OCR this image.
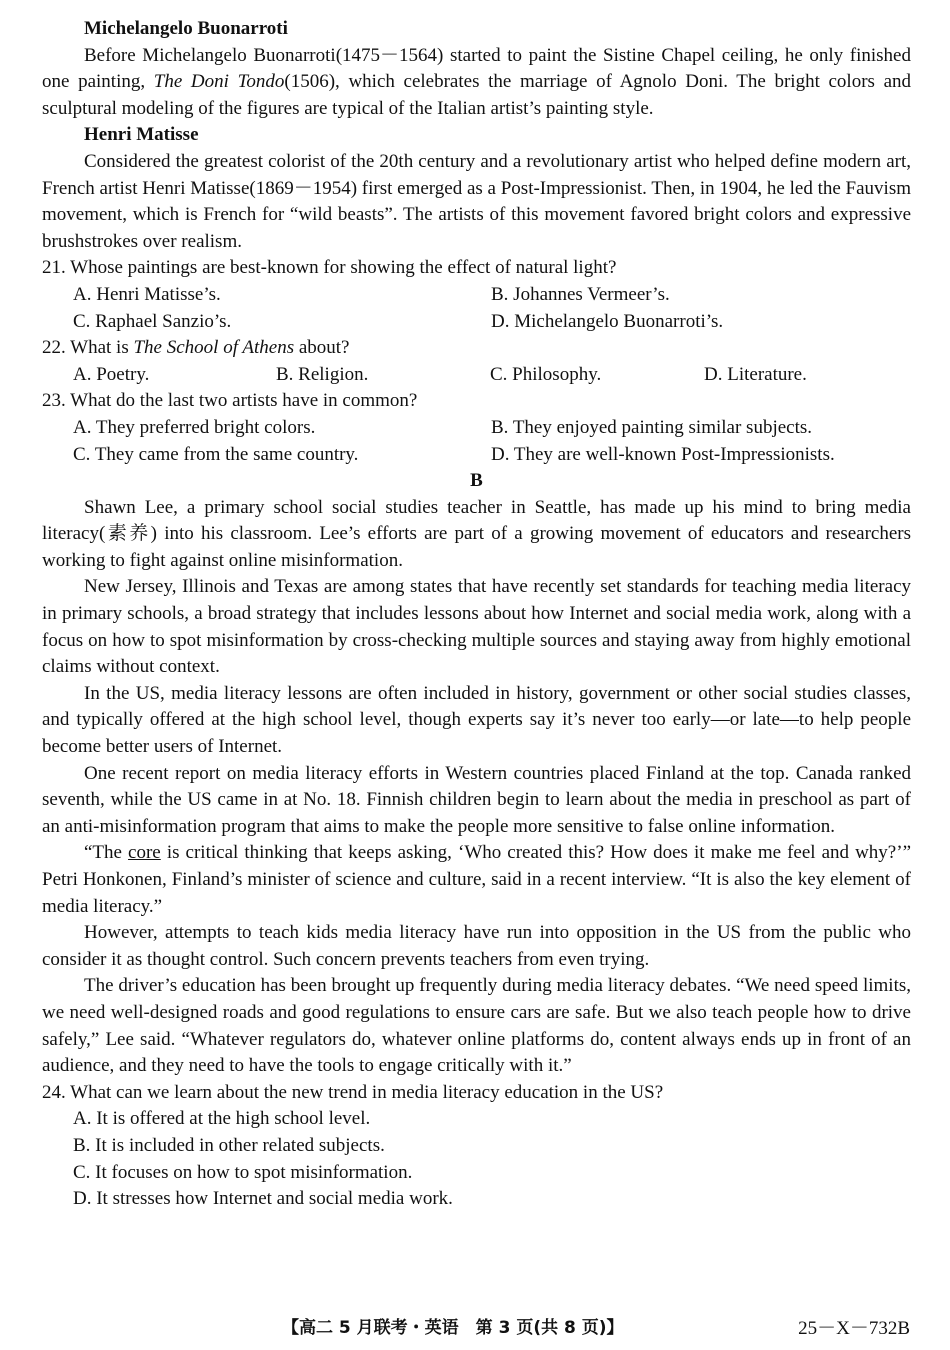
Michelangelo Buonarroti

Before Michelangelo Buonarroti(1475－1564) started to paint the Sistine Chapel ceiling, he only finished one painting, The Doni Tondo(1506), which celebrates the marriage of Agnolo Doni. The bright colors and sculptural modeling of the figures are typical of the Italian artist’s painting style.

Henri Matisse

Considered the greatest colorist of the 20th century and a revolutionary artist who helped define modern art, French artist Henri Matisse(1869－1954) first emerged as a Post-Impressionist. Then, in 1904, he led the Fauvism movement, which is French for “wild beasts”. The artists of this movement favored bright colors and expressive brushstrokes over realism.

21. Whose paintings are best-known for showing the effect of natural light?

A. Henri Matisse’s.	B. Johannes Vermeer’s.
C. Raphael Sanzio’s.	D. Michelangelo Buonarroti’s.

22. What is The School of Athens about?

A. Poetry.	B. Religion.	C. Philosophy.	D. Literature.

23. What do the last two artists have in common?

A. They preferred bright colors.	B. They enjoyed painting similar subjects.
C. They came from the same country.	D. They are well-known Post-Impressionists.

B

Shawn Lee, a primary school social studies teacher in Seattle, has made up his mind to bring media literacy(素养) into his classroom. Lee’s efforts are part of a growing movement of educators and researchers working to fight against online misinformation.

New Jersey, Illinois and Texas are among states that have recently set standards for teaching media literacy in primary schools, a broad strategy that includes lessons about how Internet and social media work, along with a focus on how to spot misinformation by cross-checking multiple sources and staying away from highly emotional claims without context.

In the US, media literacy lessons are often included in history, government or other social studies classes, and typically offered at the high school level, though experts say it’s never too early—or late—to help people become better users of Internet.

One recent report on media literacy efforts in Western countries placed Finland at the top. Canada ranked seventh, while the US came in at No. 18. Finnish children begin to learn about the media in preschool as part of an anti-misinformation program that aims to make the people more sensitive to false online information.

“The core is critical thinking that keeps asking, ‘Who created this? How does it make me feel and why?’” Petri Honkonen, Finland’s minister of science and culture, said in a recent interview. “It is also the key element of media literacy.”

However, attempts to teach kids media literacy have run into opposition in the US from the public who consider it as thought control. Such concern prevents teachers from even trying.

The driver’s education has been brought up frequently during media literacy debates. “We need speed limits, we need well-designed roads and good regulations to ensure cars are safe. But we also teach people how to drive safely,” Lee said. “Whatever regulators do, whatever online platforms do, content always ends up in front of an audience, and they need to have the tools to engage critically with it.”

24. What can we learn about the new trend in media literacy education in the US?

A. It is offered at the high school level.

B. It is included in other related subjects.

C. It focuses on how to spot misinformation.

D. It stresses how Internet and social media work.

【高二 5 月联考・英语　第 3 页(共 8 页)】	25－X－732B
